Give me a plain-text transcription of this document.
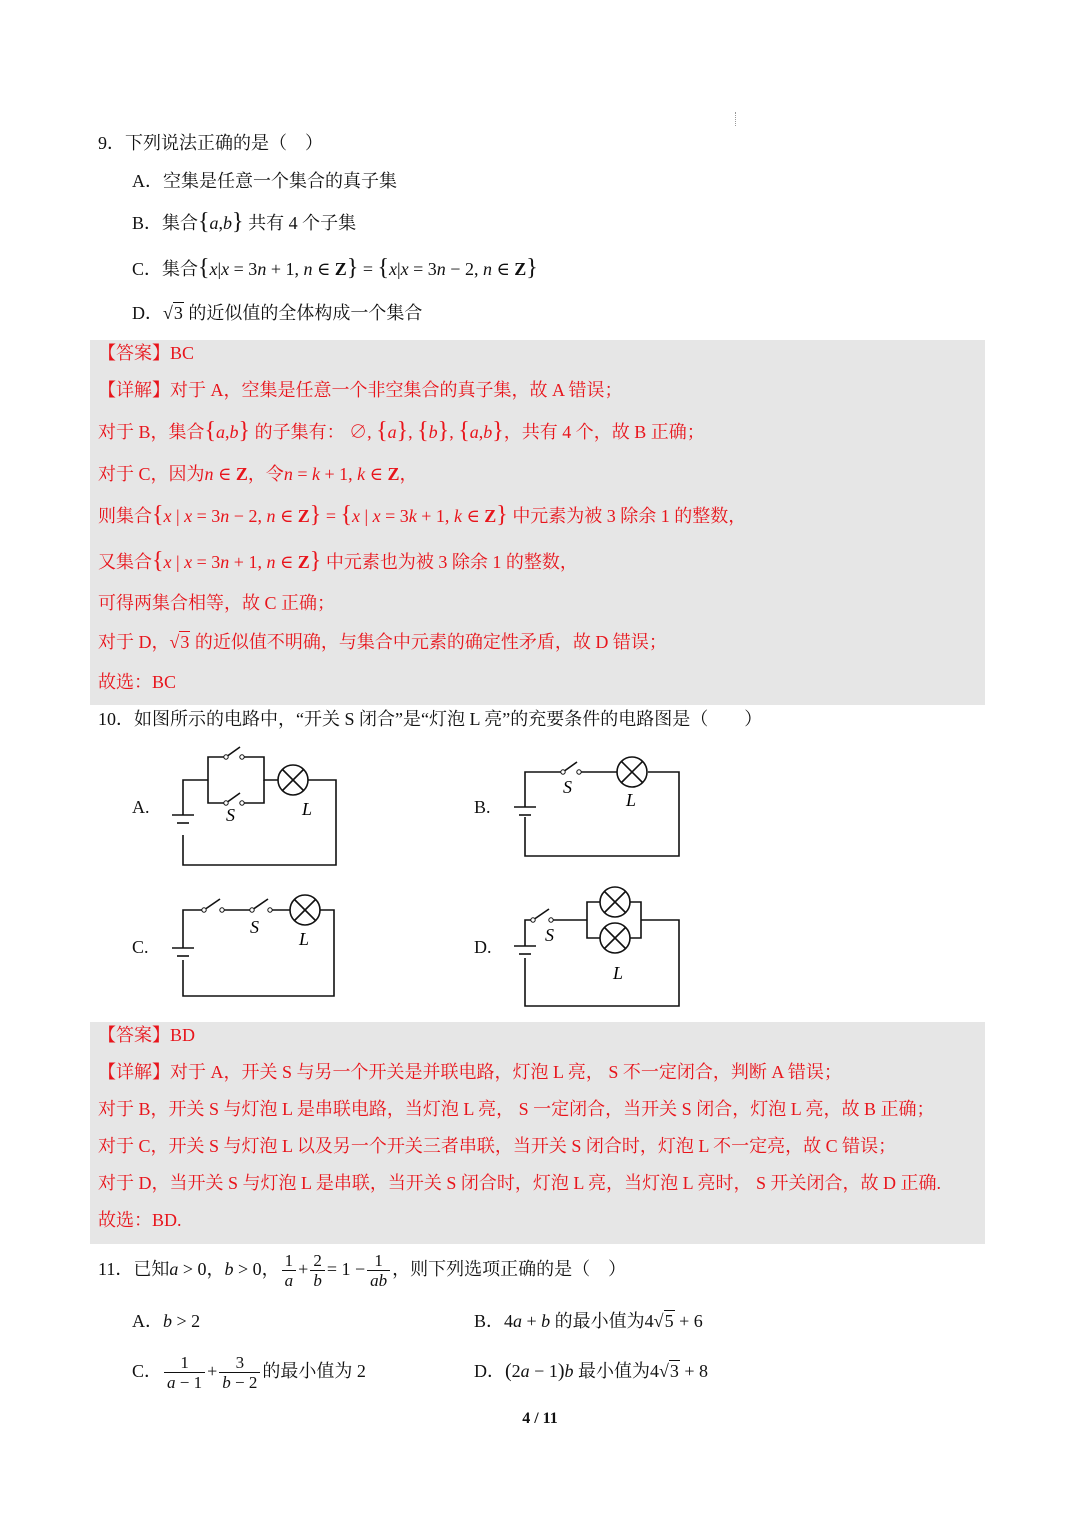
9．下列说法正确的是（　）
A．空集是任意一个集合的真子集
B．集合{a,b} 共有 4 个子集
C．集合{x|x = 3n + 1, n ∈ Z} = {x|x = 3n − 2, n ∈ Z}
D．√3 的近似值的全体构成一个集合
【答案】BC
【详解】对于 A，空集是任意一个非空集合的真子集，故 A 错误；
对于 B，集合{a,b} 的子集有： ∅, {a}, {b}, {a,b}，共有 4 个，故 B 正确；
对于 C，因为n ∈ Z，令n = k + 1, k ∈ Z，
则集合{x | x = 3n − 2, n ∈ Z} = {x | x = 3k + 1, k ∈ Z} 中元素为被 3 除余 1 的整数，
又集合{x | x = 3n + 1, n ∈ Z} 中元素也为被 3 除余 1 的整数，
可得两集合相等，故 C 正确；
对于 D，√3 的近似值不明确，与集合中元素的确定性矛盾，故 D 错误；
故选：BC
10．如图所示的电路中，“开关 S 闭合”是“灯泡 L 亮”的充要条件的电路图是（　　）
A.	B.
C.	D.
S	L
S
L
S
L	S
L
【答案】BD
【详解】对于 A，开关 S 与另一个开关是并联电路，灯泡 L 亮， S 不一定闭合，判断 A 错误；
对于 B，开关 S 与灯泡 L 是串联电路，当灯泡 L 亮， S 一定闭合，当开关 S 闭合，灯泡 L 亮，故 B 正确；
对于 C，开关 S 与灯泡 L 以及另一个开关三者串联，当开关 S 闭合时，灯泡 L 不一定亮，故 C 错误；
对于 D，当开关 S 与灯泡 L 是串联，当开关 S 闭合时，灯泡 L 亮，当灯泡 L 亮时， S 开关闭合，故 D 正确.
故选：BD.
11．已知a > 0，b > 0， $\frac{1}{a} + \frac{2}{b} = 1 - \frac{1}{ab}$ ，则下列选项正确的是（　）
A．b > 2	B．4a + b 的最小值为4√5 + 6
C． $\frac{1}{a - 1} + \frac{3}{b - 2}$ 的最小值为 2	D．(2a − 1)b 最小值为4√3 + 8
4 / 11
